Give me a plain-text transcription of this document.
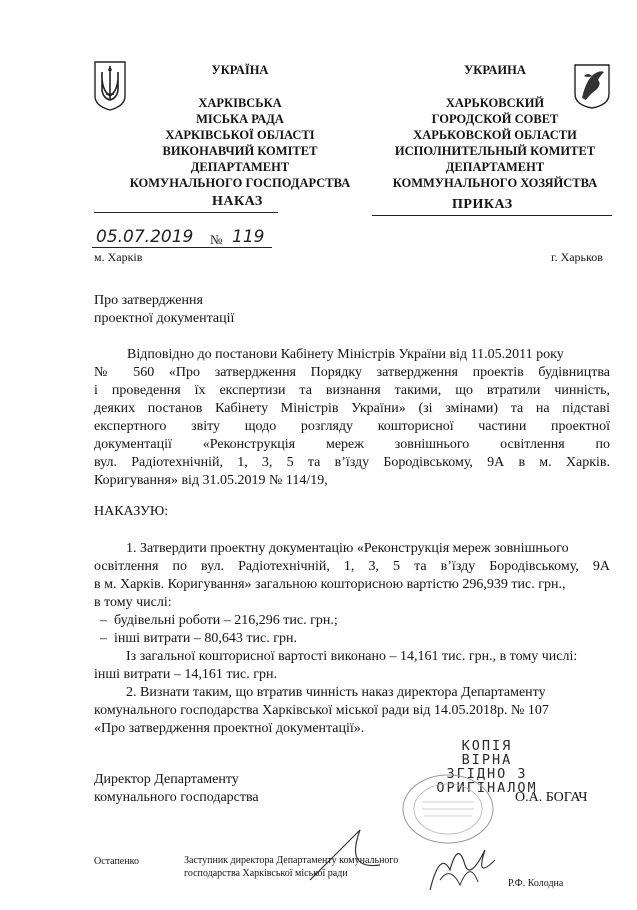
УКРАЇНА
ХАРКІВСЬКА
МІСЬКА РАДА
ХАРКІВСЬКОЇ ОБЛАСТІ
ВИКОНАВЧИЙ КОМІТЕТ
ДЕПАРТАМЕНТ
КОМУНАЛЬНОГО ГОСПОДАРСТВА
УКРАИНА
ХАРЬКОВСКИЙ
ГОРОДСКОЙ СОВЕТ
ХАРЬКОВСКОЙ ОБЛАСТИ
ИСПОЛНИТЕЛЬНЫЙ КОМИТЕТ
ДЕПАРТАМЕНТ
КОММУНАЛЬНОГО ХОЗЯЙСТВА
НАКАЗ	ПРИКАЗ
05.07.2019 № 119
м. Харків	г. Харьков
Про затвердження
проектної документації
Відповідно до постанови Кабінету Міністрів України від 11.05.2011 року
№ 560 «Про затвердження Порядку затвердження проектів будівництва
і проведення їх експертизи та визнання такими, що втратили чинність,
деяких постанов Кабінету Міністрів України» (зі змінами) та на підставі
експертного звіту щодо розгляду кошторисної частини проектної
документації «Реконструкція мереж зовнішнього освітлення по
вул. Радіотехнічній, 1, 3, 5 та в’їзду Бородівському, 9А в м. Харків.
Коригування» від 31.05.2019 № 114/19,
НАКАЗУЮ:
1. Затвердити проектну документацію «Реконструкція мереж зовнішнього
освітлення по вул. Радіотехнічній, 1, 3, 5 та в’їзду Бородівському, 9А
в м. Харків. Коригування» загальною кошторисною вартістю 296,939 тис. грн.,
в тому числі:
–  будівельні роботи – 216,296 тис. грн.;
–  інші витрати – 80,643 тис. грн.
Із загальної кошторисної вартості виконано – 14,161 тис. грн., в тому числі:
інші витрати – 14,161 тис. грн.
2. Визнати таким, що втратив чинність наказ директора Департаменту
комунального господарства Харківської міської ради від 14.05.2018р. № 107
«Про затвердження проектної документації».
КОПІЯ ВІРНА
ЗГІДНО З
ОРИГІНАЛОМ
Директор Департаменту
комунального господарства	О.А. БОГАЧ
Остапенко	Заступник директора Департаменту комунального
господарства Харківської міської ради
Р.Ф. Колодна
